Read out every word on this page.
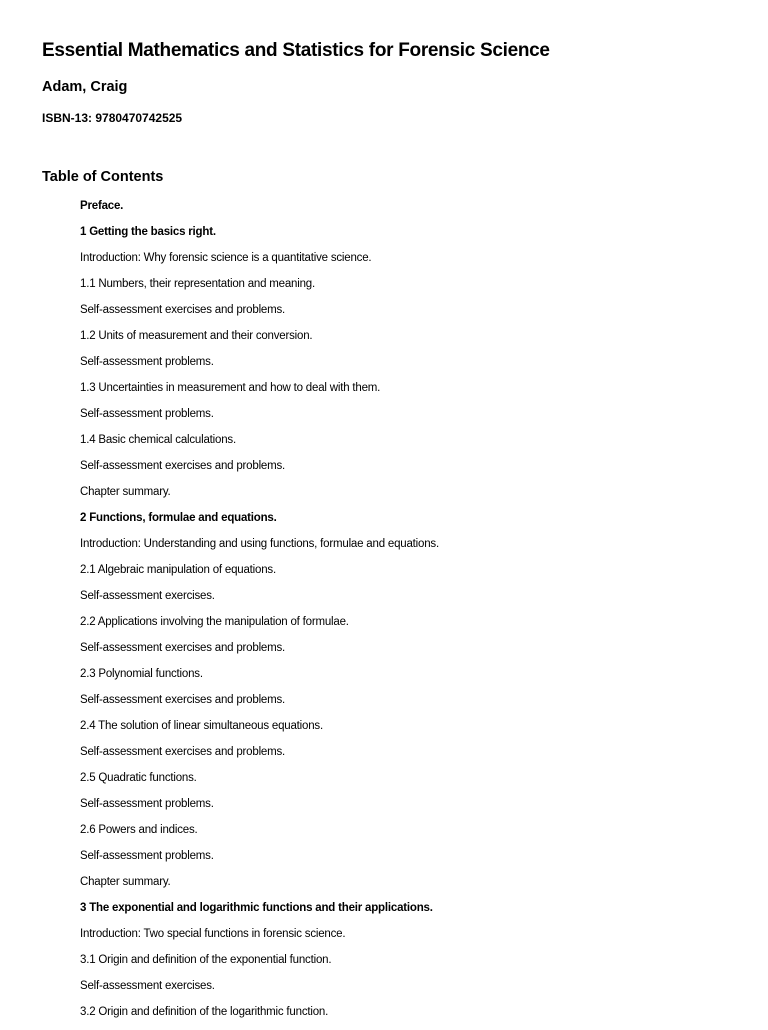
Essential Mathematics and Statistics for Forensic Science
Adam, Craig
ISBN-13: 9780470742525
Table of Contents
Preface.
1 Getting the basics right.
Introduction: Why forensic science is a quantitative science.
1.1 Numbers, their representation and meaning.
Self-assessment exercises and problems.
1.2 Units of measurement and their conversion.
Self-assessment problems.
1.3 Uncertainties in measurement and how to deal with them.
Self-assessment problems.
1.4 Basic chemical calculations.
Self-assessment exercises and problems.
Chapter summary.
2 Functions, formulae and equations.
Introduction: Understanding and using functions, formulae and equations.
2.1 Algebraic manipulation of equations.
Self-assessment exercises.
2.2 Applications involving the manipulation of formulae.
Self-assessment exercises and problems.
2.3 Polynomial functions.
Self-assessment exercises and problems.
2.4 The solution of linear simultaneous equations.
Self-assessment exercises and problems.
2.5 Quadratic functions.
Self-assessment problems.
2.6 Powers and indices.
Self-assessment problems.
Chapter summary.
3 The exponential and logarithmic functions and their applications.
Introduction: Two special functions in forensic science.
3.1 Origin and definition of the exponential function.
Self-assessment exercises.
3.2 Origin and definition of the logarithmic function.
